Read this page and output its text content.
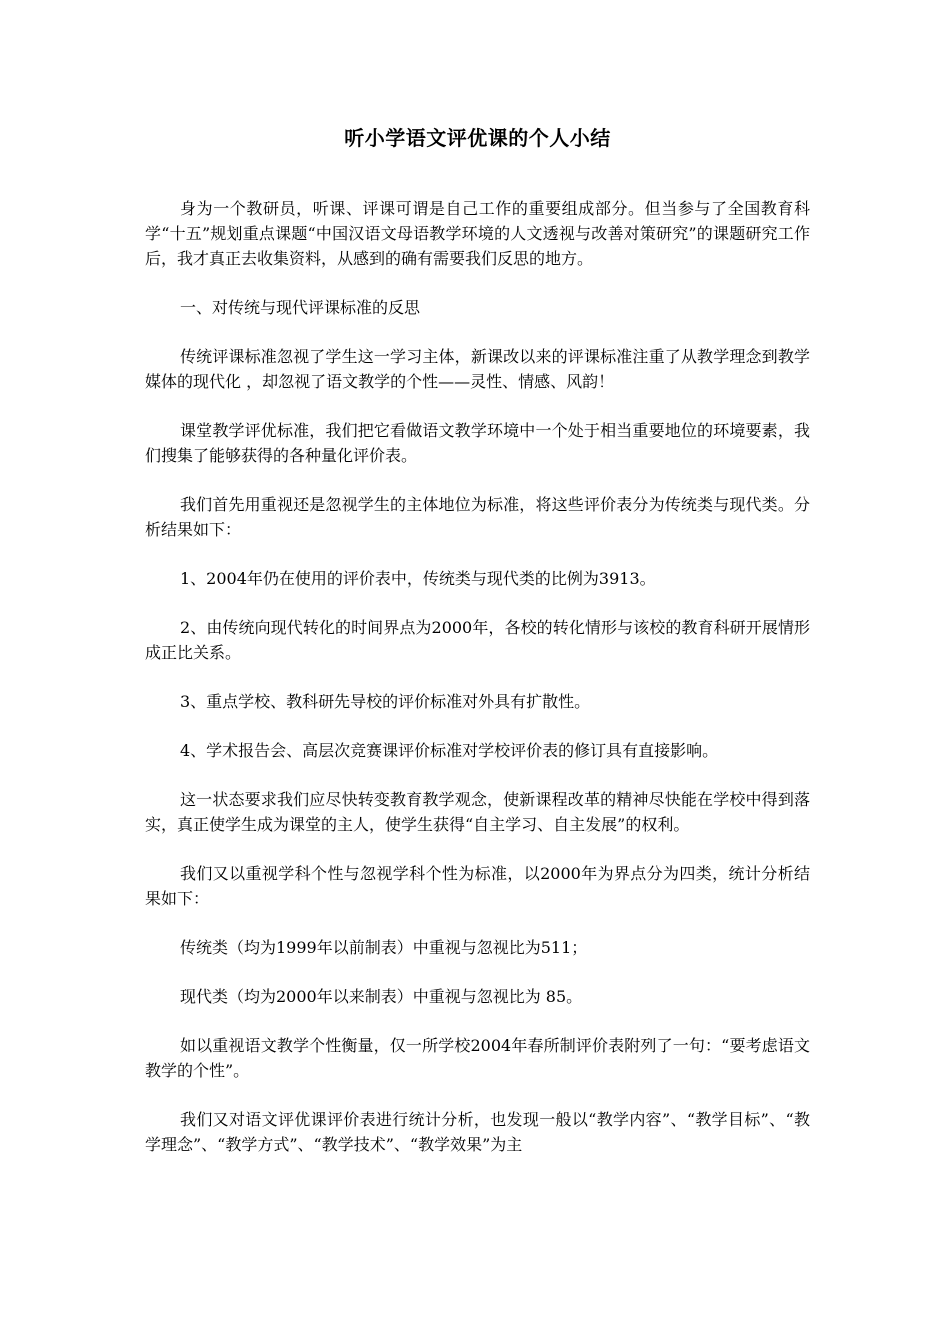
听小学语文评优课的个人小结

身为一个教研员，听课、评课可谓是自己工作的重要组成部分。但当参与了全国教育科学“十五”规划重点课题“中国汉语文母语教学环境的人文透视与改善对策研究”的课题研究工作后，我才真正去收集资料，从感到的确有需要我们反思的地方。

一、对传统与现代评课标准的反思

传统评课标准忽视了学生这一学习主体，新课改以来的评课标准注重了从教学理念到教学媒体的现代化 ，却忽视了语文教学的个性——灵性、情感、风韵！

课堂教学评优标准，我们把它看做语文教学环境中一个处于相当重要地位的环境要素，我们搜集了能够获得的各种量化评价表。

我们首先用重视还是忽视学生的主体地位为标准，将这些评价表分为传统类与现代类。分析结果如下：

1、2004年仍在使用的评价表中，传统类与现代类的比例为3913。

2、由传统向现代转化的时间界点为2000年，各校的转化情形与该校的教育科研开展情形成正比关系。

3、重点学校、教科研先导校的评价标准对外具有扩散性。

4、学术报告会、高层次竞赛课评价标准对学校评价表的修订具有直接影响。

这一状态要求我们应尽快转变教育教学观念，使新课程改革的精神尽快能在学校中得到落实，真正使学生成为课堂的主人，使学生获得“自主学习、自主发展”的权利。

我们又以重视学科个性与忽视学科个性为标准，以2000年为界点分为四类，统计分析结果如下：

传统类（均为1999年以前制表）中重视与忽视比为511；

现代类（均为2000年以来制表）中重视与忽视比为 85。

如以重视语文教学个性衡量，仅一所学校2004年春所制评价表附列了一句：“要考虑语文教学的个性”。

我们又对语文评优课评价表进行统计分析，也发现一般以“教学内容”、“教学目标”、“教学理念”、“教学方式”、“教学技术”、“教学效果”为主
